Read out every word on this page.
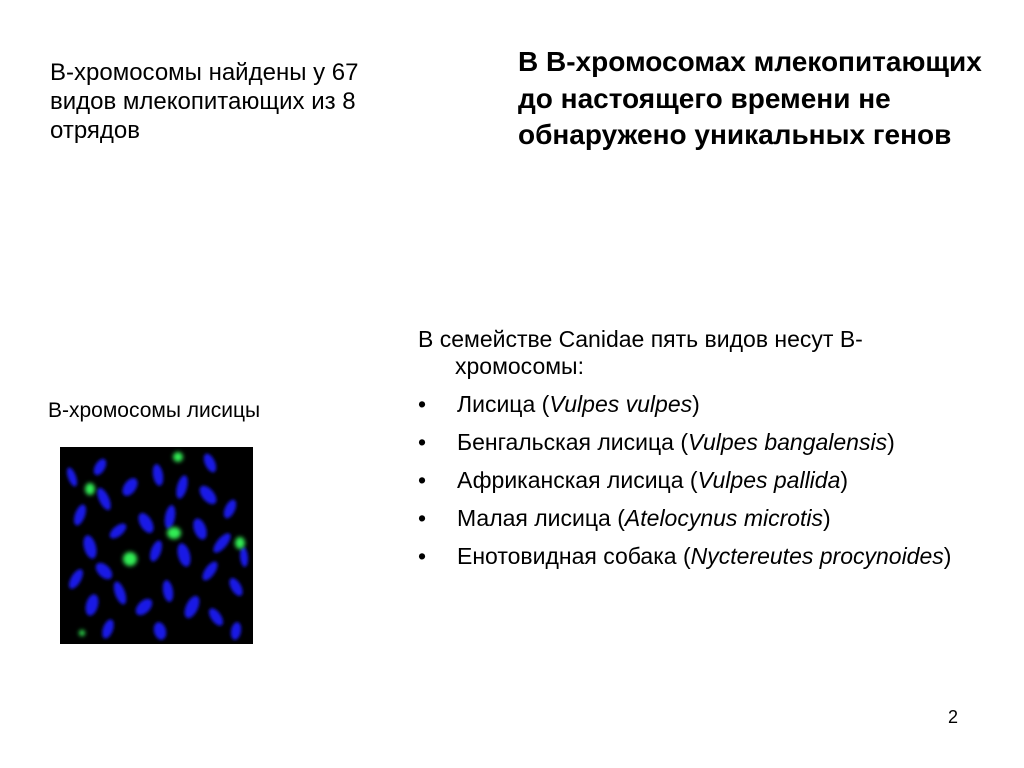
В-хромосомы найдены у 67 видов млекопитающих из 8 отрядов
В В-хромосомах млекопитающих до настоящего времени не обнаружено уникальных генов
В-хромосомы лисицы
В семействе Canidae пять видов несут В-хромосомы:
•	Лисица (Vulpes vulpes)
•	Бенгальская лисица (Vulpes bangalensis)
•	Африканская лисица (Vulpes pallida)
•	Малая лисица (Atelocynus microtis)
•	Енотовидная собака (Nyctereutes procynoides)
2
